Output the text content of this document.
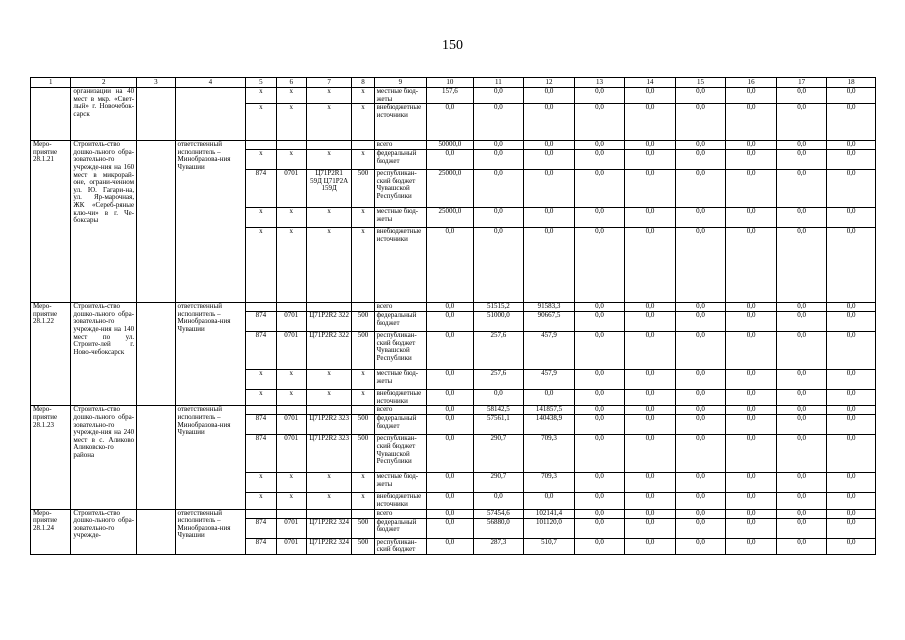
150
1	2	3	4	5	6	7	8	9	10	11	12	13	14	15	16	17	18
	организации на 40 мест в мкр. «Свет-лый» г. Новочебок-сарск			x	x	x	x	местные бюд-жеты	157,6	0,0	0,0	0,0	0,0	0,0	0,0	0,0	0,0
				x	x	x	x	внебюджетные источники	0,0	0,0	0,0	0,0	0,0	0,0	0,0	0,0	0,0
Меро-приятие 28.1.21	Строитель-ство дошко-льного обра-зовательно-го учрежде-ния на 160 мест в микрорай-оне, ограни-ченном ул. Ю. Гагари-на, ул. Яр-марочная, ЖК «Сереб-ряные клю-чи» в г. Че-боксары		ответственный исполнитель – Минобразова-ния Чувашии					всего	50000,0	0,0	0,0	0,0	0,0	0,0	0,0	0,0	0,0
				x	x	x	x	федеральный бюджет	0,0	0,0	0,0	0,0	0,0	0,0	0,0	0,0	0,0
				874	0701	Ц71P2R1 59Д Ц71P2A 159Д	500	республикан-ский бюджет Чувашской Республики	25000,0	0,0	0,0	0,0	0,0	0,0	0,0	0,0	0,0
				x	x	x	x	местные бюд-жеты	25000,0	0,0	0,0	0,0	0,0	0,0	0,0	0,0	0,0
				x	x	x	x	внебюджетные источники	0,0	0,0	0,0	0,0	0,0	0,0	0,0	0,0	0,0
Меро-приятие 28.1.22	Строитель-ство дошко-льного обра-зовательно-го учрежде-ния на 140 мест по ул. Строите-лей г. Ново-чебоксарск		ответственный исполнитель – Минобразова-ния Чувашии					всего	0,0	51515,2	91583,3	0,0	0,0	0,0	0,0	0,0	0,0
				874	0701	Ц71P2R2 322	500	федеральный бюджет	0,0	51000,0	90667,5	0,0	0,0	0,0	0,0	0,0	0,0
				874	0701	Ц71P2R2 322	500	республикан-ский бюджет Чувашской Республики	0,0	257,6	457,9	0,0	0,0	0,0	0,0	0,0	0,0
				x	x	x	x	местные бюд-жеты	0,0	257,6	457,9	0,0	0,0	0,0	0,0	0,0	0,0
				x	x	x	x	внебюджетные источники	0,0	0,0	0,0	0,0	0,0	0,0	0,0	0,0	0,0
Меро-приятие 28.1.23	Строитель-ство дошко-льного обра-зовательно-го учрежде-ния на 240 мест в с. Аликово Аликовско-го района		ответственный исполнитель – Минобразова-ния Чувашии					всего	0,0	58142,5	141857,5	0,0	0,0	0,0	0,0	0,0	0,0
				874	0701	Ц71P2R2 323	500	федеральный бюджет	0,0	57561,1	140438,9	0,0	0,0	0,0	0,0	0,0	0,0
				874	0701	Ц71P2R2 323	500	республикан-ский бюджет Чувашской Республики	0,0	290,7	709,3	0,0	0,0	0,0	0,0	0,0	0,0
				x	x	x	x	местные бюд-жеты	0,0	290,7	709,3	0,0	0,0	0,0	0,0	0,0	0,0
				x	x	x	x	внебюджетные источники	0,0	0,0	0,0	0,0	0,0	0,0	0,0	0,0	0,0
Меро-приятие 28.1.24	Строитель-ство дошко-льного обра-зовательно-го учрежде-		ответственный исполнитель – Минобразова-ния Чувашии					всего	0,0	57454,6	102141,4	0,0	0,0	0,0	0,0	0,0	0,0
				874	0701	Ц71P2R2 324	500	федеральный бюджет	0,0	56880,0	101120,0	0,0	0,0	0,0	0,0	0,0	0,0
				874	0701	Ц71P2R2 324	500	республикан-ский бюджет	0,0	287,3	510,7	0,0	0,0	0,0	0,0	0,0	0,0
